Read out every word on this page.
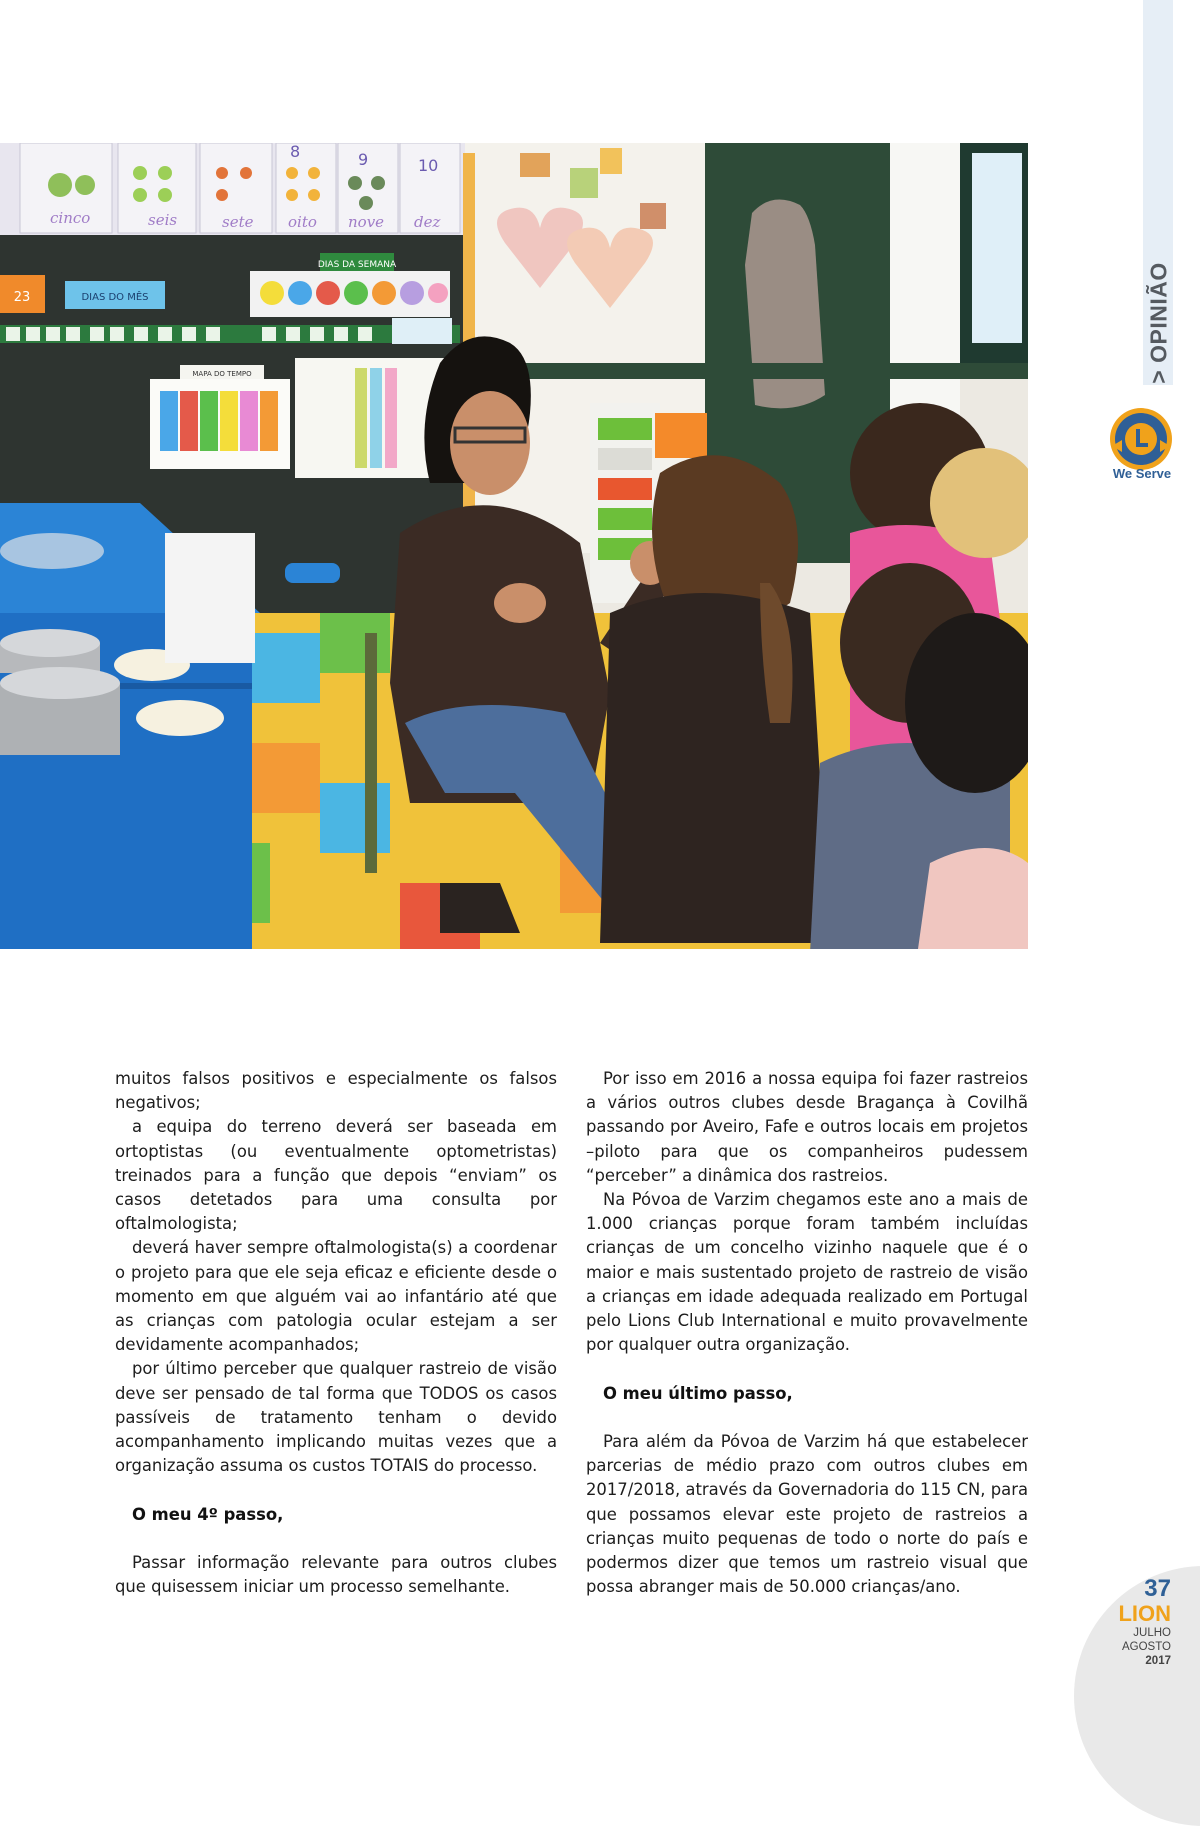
> OPINIÃO
We Serve
8	9	10
cinco	seis	sete oito nove dez
DIAS DA SEMANA
DIAS DO MÊS
23
MAPA DO TEMPO

muitos falsos positivos e especialmente os falsos negativos;

a equipa do terreno deverá ser baseada em ortoptistas (ou eventualmente optometristas) treinados para a função que depois “enviam” os casos detetados para uma consulta por oftalmologista;

deverá haver sempre oftalmologista(s) a coordenar o projeto para que ele seja eficaz e eficiente desde o momento em que alguém vai ao infantário até que as crianças com patologia ocular estejam a ser devidamente acompanhados;

por último perceber que qualquer rastreio de visão deve ser pensado de tal forma que TODOS os casos passíveis de tratamento tenham o devido acompanhamento implicando muitas vezes que a organização assuma os custos TOTAIS do processo.

O meu 4º passo,

Passar informação relevante para outros clubes que quisessem iniciar um processo semelhante.

Por isso em 2016 a nossa equipa foi fazer rastreios a vários outros clubes desde Bragança à Covilhã passando por Aveiro, Fafe e outros locais em projetos –piloto para que os companheiros pudessem “perceber” a dinâmica dos rastreios.

Na Póvoa de Varzim chegamos este ano a mais de 1.000 crianças porque foram também incluídas crianças de um concelho vizinho naquele que é o maior e mais sustentado projeto de rastreio de visão a crianças em idade adequada realizado em Portugal pelo Lions Club International e muito provavelmente por qualquer outra organização.

O meu último passo,

Para além da Póvoa de Varzim há que estabelecer parcerias de médio prazo com outros clubes em 2017/2018, através da Governadoria do 115 CN, para que possamos elevar este projeto de rastreios a crianças muito pequenas de todo o norte do país e podermos dizer que temos um rastreio visual que possa abranger mais de 50.000 crianças/ano.	37
LION
JULHO
AGOSTO
2017
